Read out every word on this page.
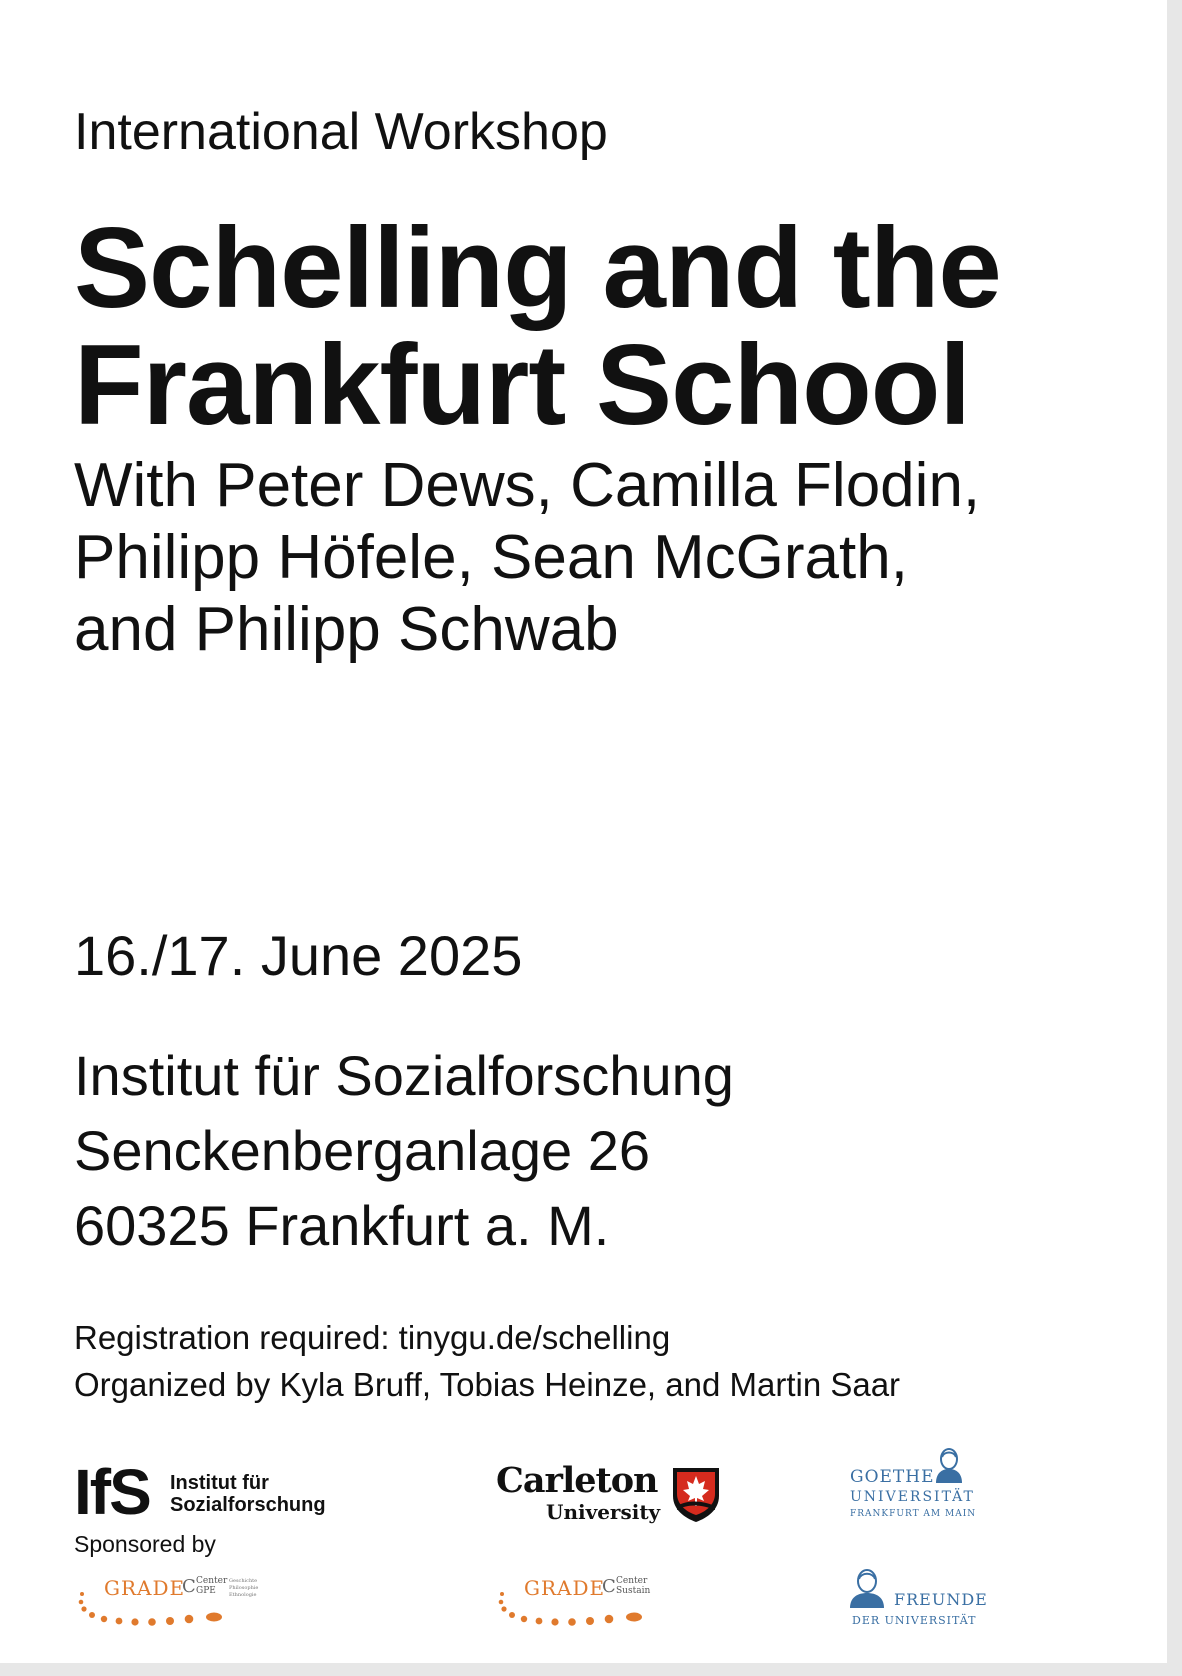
International Workshop

Schelling and the
Frankfurt School
With Peter Dews, Camilla Flodin,
Philipp Höfele, Sean McGrath,
and Philipp Schwab

16./17. June 2025

Institut für Sozialforschung
Senckenberganlage 26
60325 Frankfurt a. M.
Registration required: tinygu.de/schelling
Organized by Kyla Bruff, Tobias Heinze, and Martin Saar
IfS Institut für
Sozialforschung
Sponsored by
Carleton
University
GOETHE
UNIVERSITÄT
FRANKFURT AM MAIN
GRADE
C Center
GPE
Geschichte
Philosophie
Ethnologie	GRADE
C Center
Sustain	FREUNDE
DER UNIVERSITÄT
